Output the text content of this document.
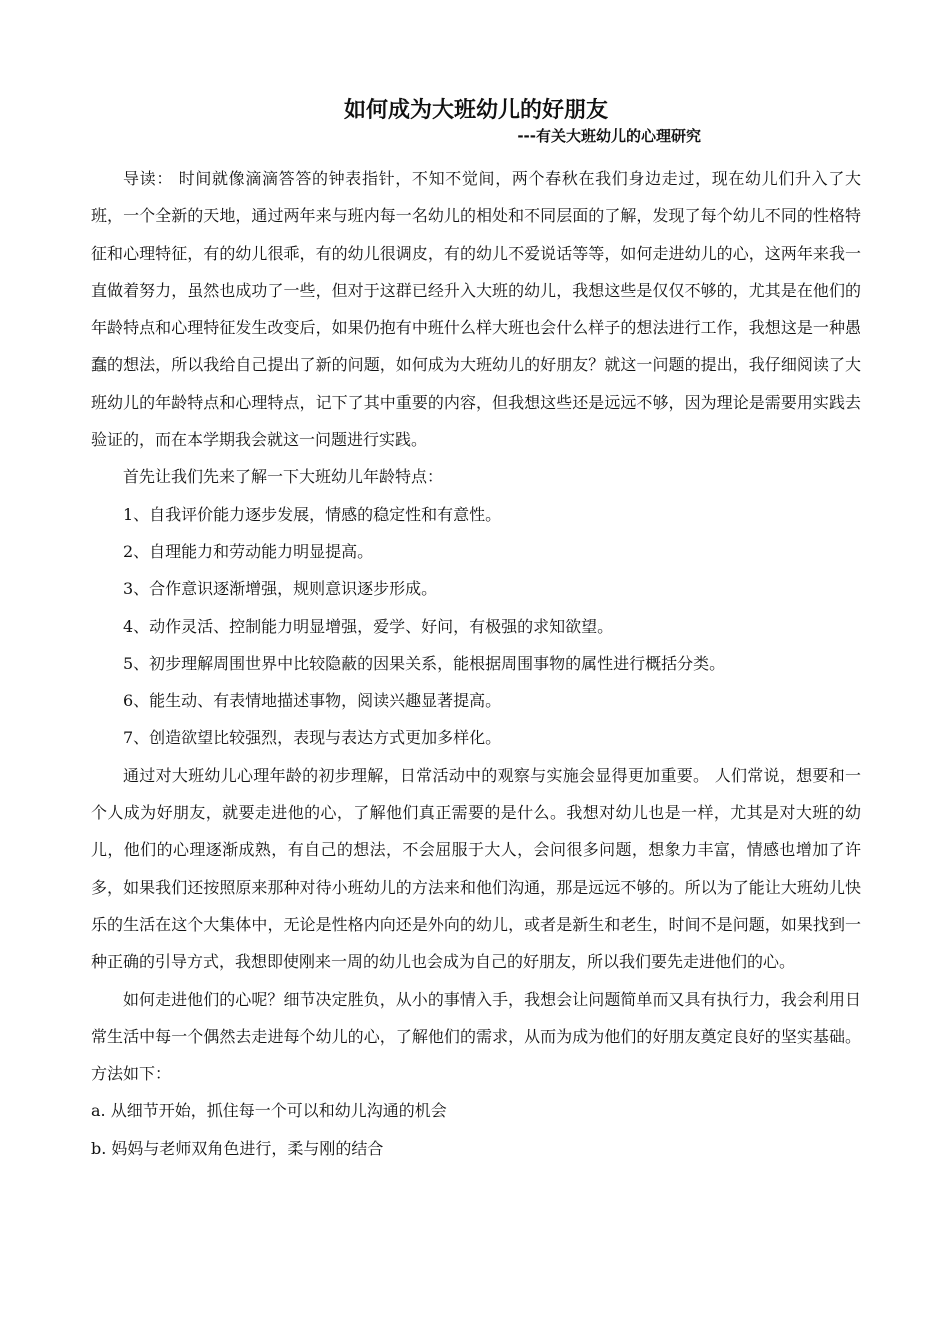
如何成为大班幼儿的好朋友

---有关大班幼儿的心理研究

导读： 时间就像滴滴答答的钟表指针，不知不觉间，两个春秋在我们身边走过，现在幼儿们升入了大班，一个全新的天地，通过两年来与班内每一名幼儿的相处和不同层面的了解，发现了每个幼儿不同的性格特征和心理特征，有的幼儿很乖，有的幼儿很调皮，有的幼儿不爱说话等等，如何走进幼儿的心，这两年来我一直做着努力，虽然也成功了一些，但对于这群已经升入大班的幼儿，我想这些是仅仅不够的，尤其是在他们的年龄特点和心理特征发生改变后，如果仍抱有中班什么样大班也会什么样子的想法进行工作，我想这是一种愚蠢的想法，所以我给自己提出了新的问题，如何成为大班幼儿的好朋友？就这一问题的提出，我仔细阅读了大班幼儿的年龄特点和心理特点，记下了其中重要的内容，但我想这些还是远远不够，因为理论是需要用实践去验证的，而在本学期我会就这一问题进行实践。

首先让我们先来了解一下大班幼儿年龄特点：

1、自我评价能力逐步发展，情感的稳定性和有意性。

2、自理能力和劳动能力明显提高。

3、合作意识逐渐增强，规则意识逐步形成。

4、动作灵活、控制能力明显增强，爱学、好问，有极强的求知欲望。

5、初步理解周围世界中比较隐蔽的因果关系，能根据周围事物的属性进行概括分类。

6、能生动、有表情地描述事物，阅读兴趣显著提高。

7、创造欲望比较强烈，表现与表达方式更加多样化。

通过对大班幼儿心理年龄的初步理解，日常活动中的观察与实施会显得更加重要。 人们常说，想要和一个人成为好朋友，就要走进他的心，了解他们真正需要的是什么。我想对幼儿也是一样，尤其是对大班的幼儿，他们的心理逐渐成熟，有自己的想法，不会屈服于大人，会问很多问题，想象力丰富，情感也增加了许多，如果我们还按照原来那种对待小班幼儿的方法来和他们沟通，那是远远不够的。所以为了能让大班幼儿快乐的生活在这个大集体中，无论是性格内向还是外向的幼儿，或者是新生和老生，时间不是问题，如果找到一种正确的引导方式，我想即使刚来一周的幼儿也会成为自己的好朋友，所以我们要先走进他们的心。

如何走进他们的心呢？细节决定胜负，从小的事情入手，我想会让问题简单而又具有执行力，我会利用日常生活中每一个偶然去走进每个幼儿的心，了解他们的需求，从而为成为他们的好朋友奠定良好的坚实基础。方法如下：

a. 从细节开始，抓住每一个可以和幼儿沟通的机会

b. 妈妈与老师双角色进行，柔与刚的结合
